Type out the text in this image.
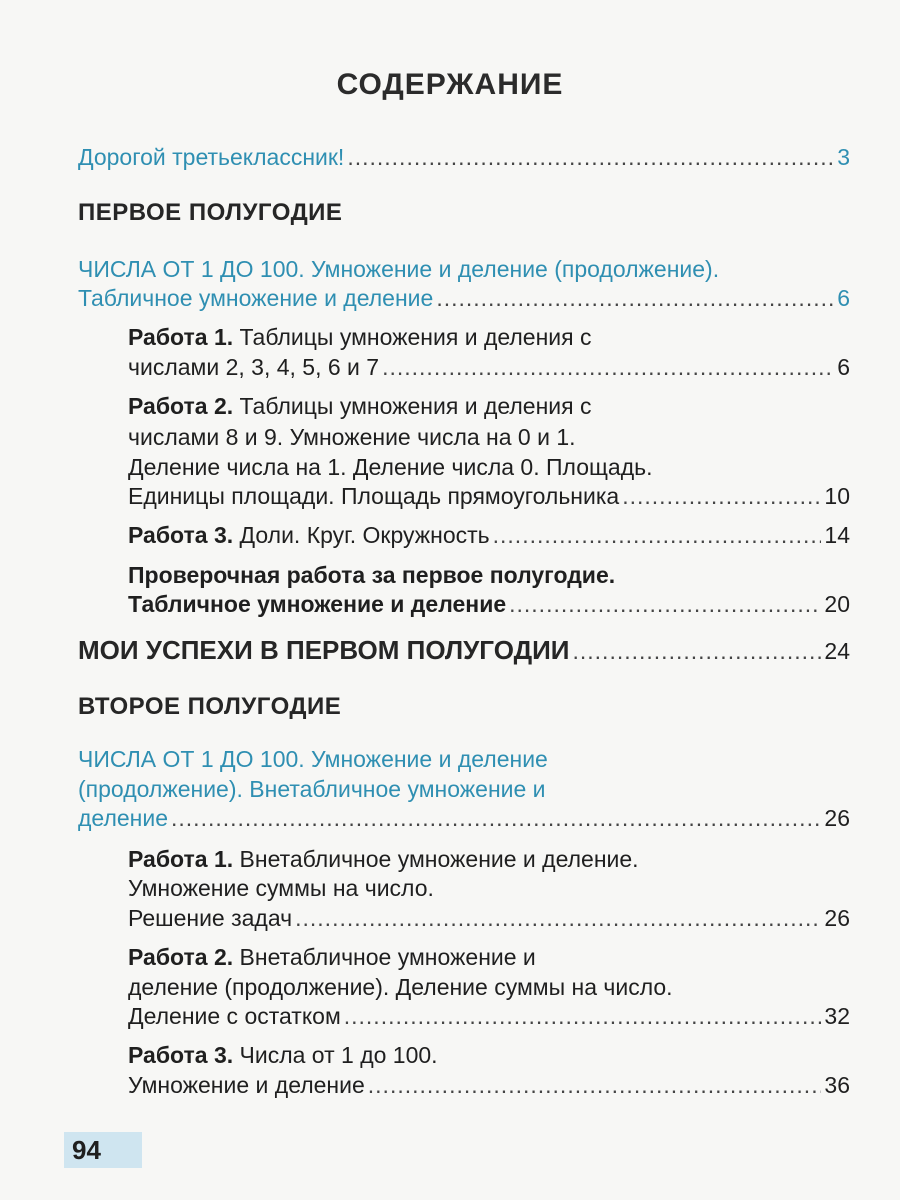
СОДЕРЖАНИЕ
Дорогой третьеклассник! .....	3
ПЕРВОЕ ПОЛУГОДИЕ
ЧИСЛА ОТ 1 ДО 100. Умножение и деление (продолжение).
Табличное умножение и деление .....	6
Работа 1. Таблицы умножения и деления с
числами 2, 3, 4, 5, 6 и 7 .....	6
Работа 2. Таблицы умножения и деления с
числами 8 и 9. Умножение числа на 0 и 1.
Деление числа на 1. Деление числа 0. Площадь.
Единицы площади. Площадь прямоугольника .....	10
Работа 3. Доли. Круг. Окружность .....	14
Проверочная работа за первое полугодие.
Табличное умножение и деление .....	20
МОИ УСПЕХИ В ПЕРВОМ ПОЛУГОДИИ .....	24
ВТОРОЕ ПОЛУГОДИЕ
ЧИСЛА ОТ 1 ДО 100. Умножение и деление
(продолжение). Внетабличное умножение и
деление .....	26
Работа 1. Внетабличное умножение и деление.
Умножение суммы на число.
Решение задач .....	26
Работа 2. Внетабличное умножение и
деление (продолжение). Деление суммы на число.
Деление с остатком .....	32
Работа 3. Числа от 1 до 100.
Умножение и деление .....	36
94
